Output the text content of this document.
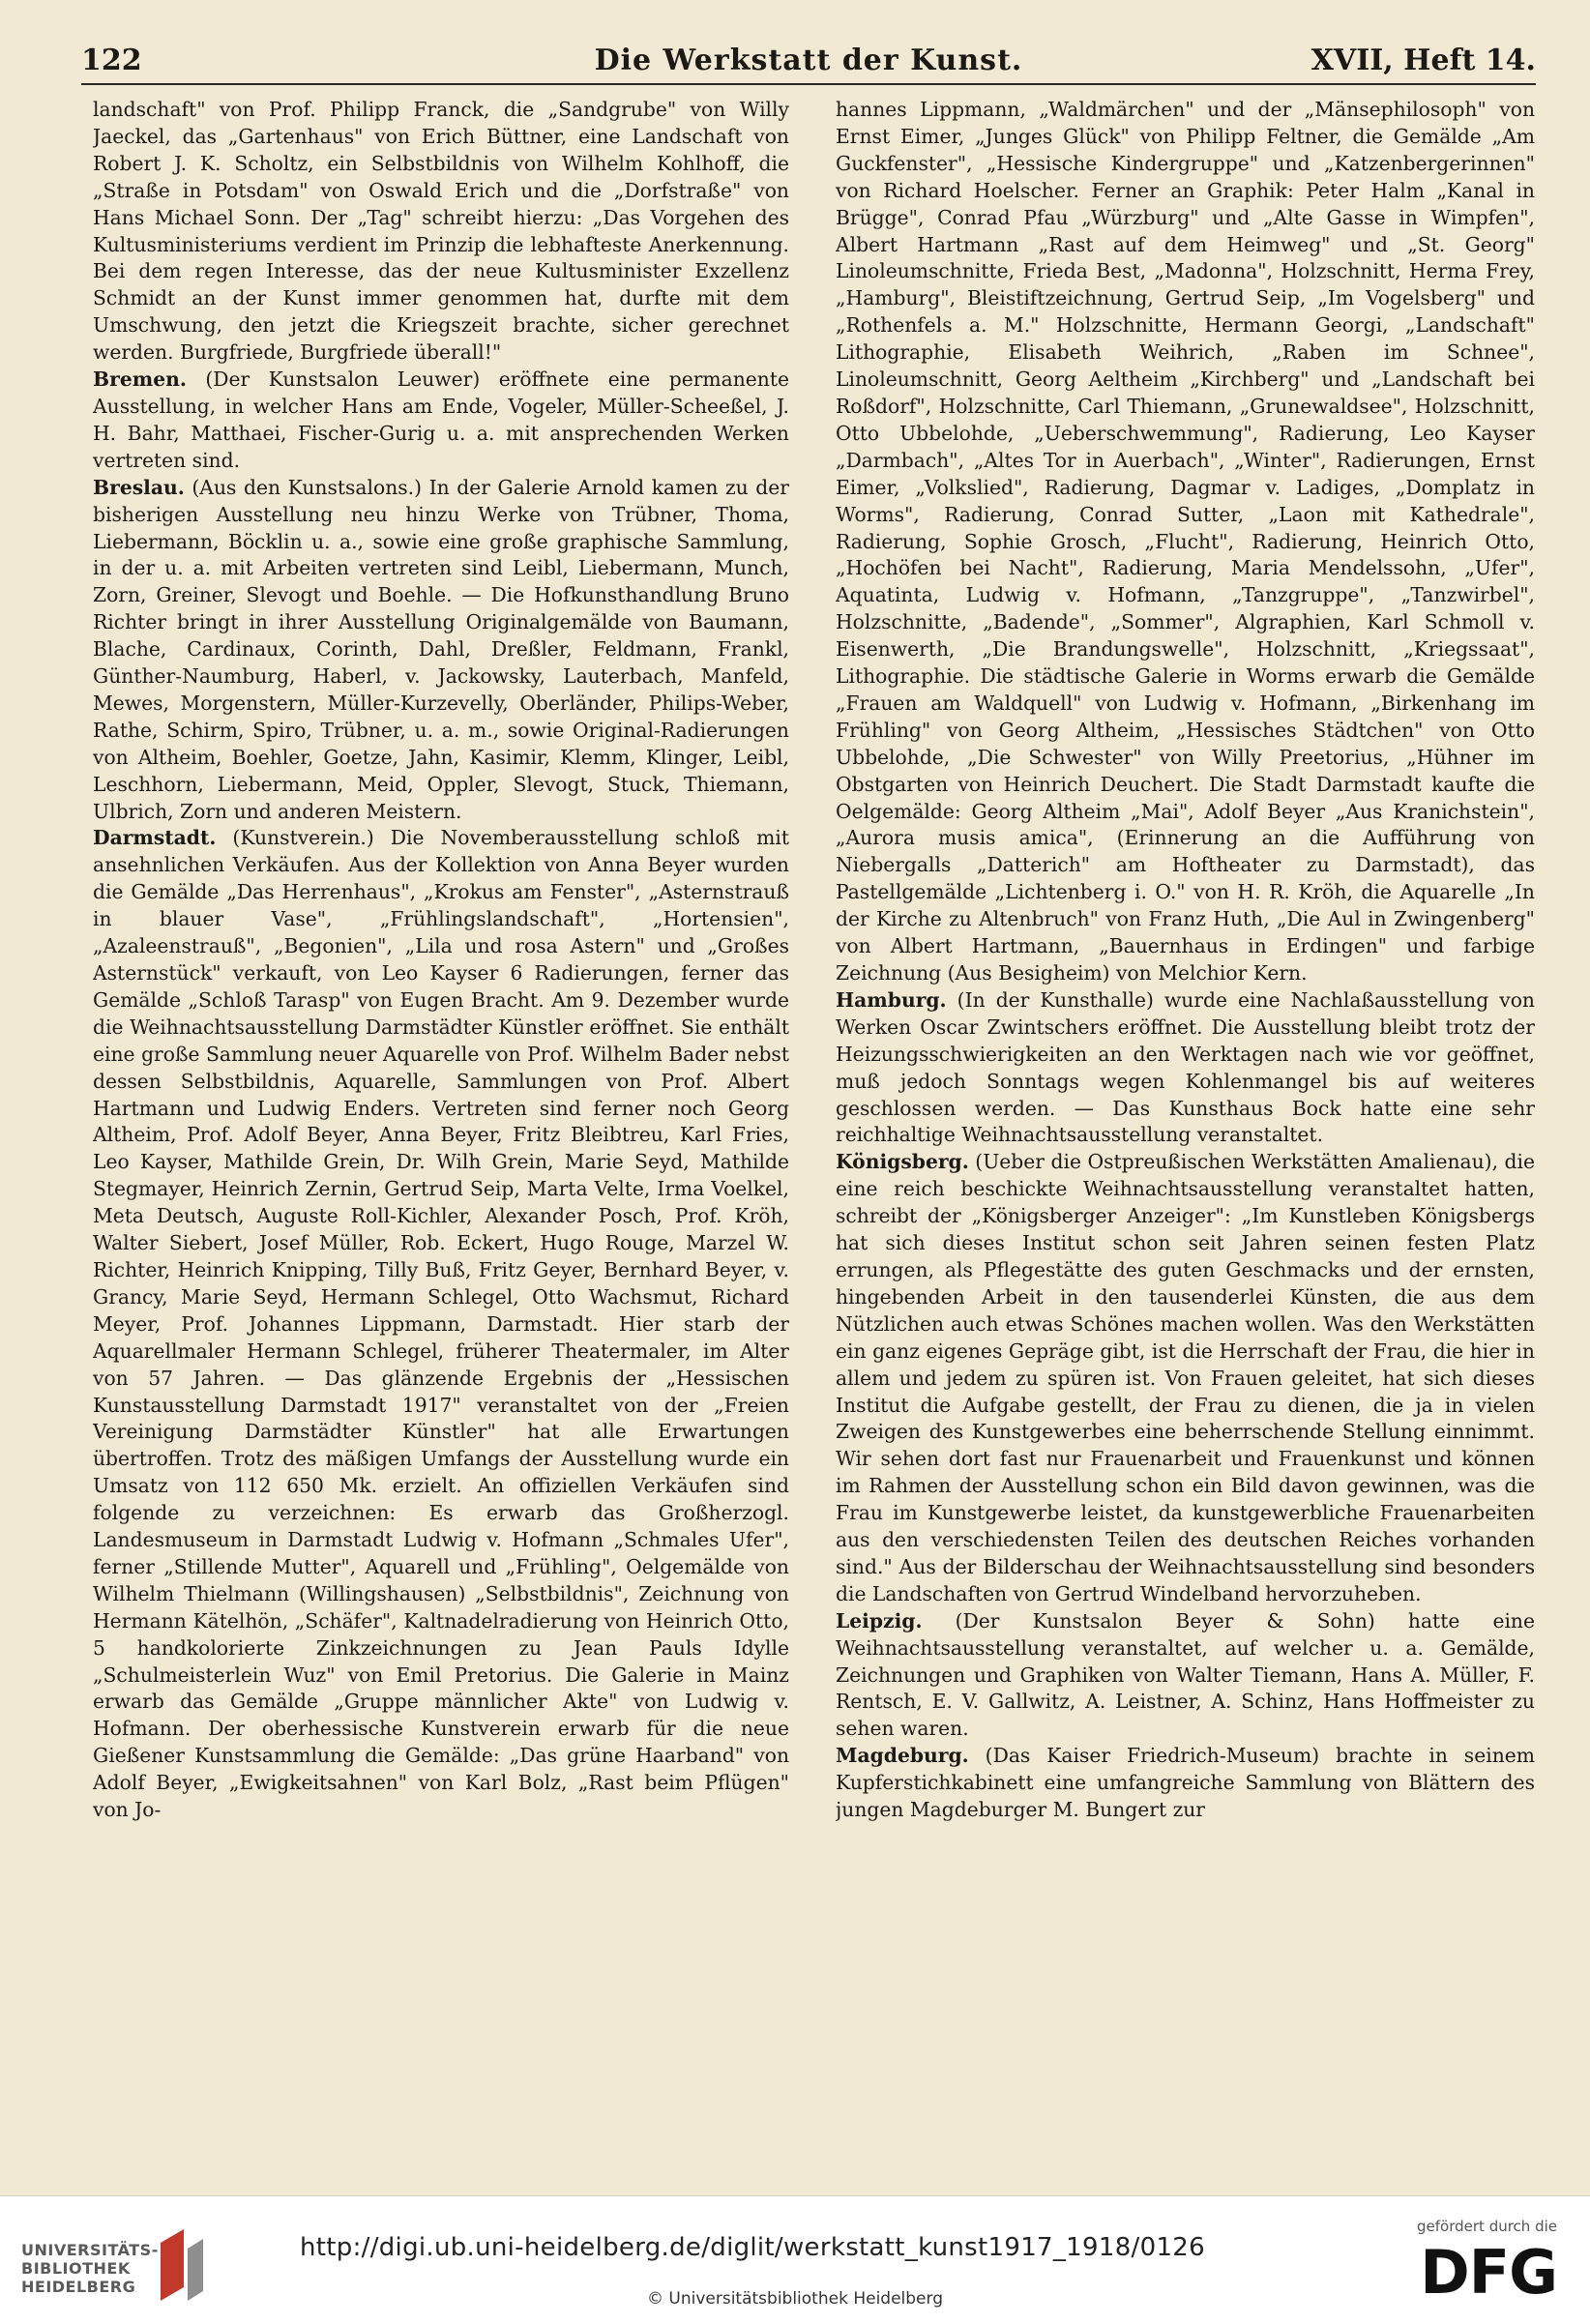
122	Die Werkstatt der Kunst.	XVII, Heft 14.

landschaft" von Prof. Philipp Franck, die „Sandgrube" von Willy Jaeckel, das „Gartenhaus" von Erich Büttner, eine Landschaft von Robert J. K. Scholtz, ein Selbstbildnis von Wilhelm Kohlhoff, die „Straße in Potsdam" von Oswald Erich und die „Dorfstraße" von Hans Michael Sonn. Der „Tag" schreibt hierzu: „Das Vorgehen des Kultusministeriums verdient im Prinzip die lebhafteste Anerkennung. Bei dem regen Interesse, das der neue Kultusminister Exzellenz Schmidt an der Kunst immer genommen hat, durfte mit dem Umschwung, den jetzt die Kriegszeit brachte, sicher gerechnet werden. Burgfriede, Burgfriede überall!"

Bremen. (Der Kunstsalon Leuwer) eröffnete eine permanente Ausstellung, in welcher Hans am Ende, Vogeler, Müller-Scheeßel, J. H. Bahr, Matthaei, Fischer-Gurig u. a. mit ansprechenden Werken vertreten sind.

Breslau. (Aus den Kunstsalons.) In der Galerie Arnold kamen zu der bisherigen Ausstellung neu hinzu Werke von Trübner, Thoma, Liebermann, Böcklin u. a., sowie eine große graphische Sammlung, in der u. a. mit Arbeiten vertreten sind Leibl, Liebermann, Munch, Zorn, Greiner, Slevogt und Boehle. — Die Hofkunsthandlung Bruno Richter bringt in ihrer Ausstellung Originalgemälde von Baumann, Blache, Cardinaux, Corinth, Dahl, Dreßler, Feldmann, Frankl, Günther-Naumburg, Haberl, v. Jackowsky, Lauterbach, Manfeld, Mewes, Morgenstern, Müller-Kurzevelly, Oberländer, Philips-Weber, Rathe, Schirm, Spiro, Trübner, u. a. m., sowie Original-Radierungen von Altheim, Boehler, Goetze, Jahn, Kasimir, Klemm, Klinger, Leibl, Leschhorn, Liebermann, Meid, Oppler, Slevogt, Stuck, Thiemann, Ulbrich, Zorn und anderen Meistern.

Darmstadt. (Kunstverein.) Die Novemberausstellung schloß mit ansehnlichen Verkäufen. Aus der Kollektion von Anna Beyer wurden die Gemälde „Das Herrenhaus", „Krokus am Fenster", „Asternstrauß in blauer Vase", „Frühlingslandschaft", „Hortensien", „Azaleenstrauß", „Begonien", „Lila und rosa Astern" und „Großes Asternstück" verkauft, von Leo Kayser 6 Radierungen, ferner das Gemälde „Schloß Tarasp" von Eugen Bracht. Am 9. Dezember wurde die Weihnachtsausstellung Darmstädter Künstler eröffnet. Sie enthält eine große Sammlung neuer Aquarelle von Prof. Wilhelm Bader nebst dessen Selbstbildnis, Aquarelle, Sammlungen von Prof. Albert Hartmann und Ludwig Enders. Vertreten sind ferner noch Georg Altheim, Prof. Adolf Beyer, Anna Beyer, Fritz Bleibtreu, Karl Fries, Leo Kayser, Mathilde Grein, Dr. Wilh Grein, Marie Seyd, Mathilde Stegmayer, Heinrich Zernin, Gertrud Seip, Marta Velte, Irma Voelkel, Meta Deutsch, Auguste Roll-Kichler, Alexander Posch, Prof. Kröh, Walter Siebert, Josef Müller, Rob. Eckert, Hugo Rouge, Marzel W. Richter, Heinrich Knipping, Tilly Buß, Fritz Geyer, Bernhard Beyer, v. Grancy, Marie Seyd, Hermann Schlegel, Otto Wachsmut, Richard Meyer, Prof. Johannes Lippmann, Darmstadt. Hier starb der Aquarellmaler Hermann Schlegel, früherer Theatermaler, im Alter von 57 Jahren. — Das glänzende Ergebnis der „Hessischen Kunstausstellung Darmstadt 1917" veranstaltet von der „Freien Vereinigung Darmstädter Künstler" hat alle Erwartungen übertroffen. Trotz des mäßigen Umfangs der Ausstellung wurde ein Umsatz von 112 650 Mk. erzielt. An offiziellen Verkäufen sind folgende zu verzeichnen: Es erwarb das Großherzogl. Landesmuseum in Darmstadt Ludwig v. Hofmann „Schmales Ufer", ferner „Stillende Mutter", Aquarell und „Frühling", Oelgemälde von Wilhelm Thielmann (Willingshausen) „Selbstbildnis", Zeichnung von Hermann Kätelhön, „Schäfer", Kaltnadelradierung von Heinrich Otto, 5 handkolorierte Zinkzeichnungen zu Jean Pauls Idylle „Schulmeisterlein Wuz" von Emil Pretorius. Die Galerie in Mainz erwarb das Gemälde „Gruppe männlicher Akte" von Ludwig v. Hofmann. Der oberhessische Kunstverein erwarb für die neue Gießener Kunstsammlung die Gemälde: „Das grüne Haarband" von Adolf Beyer, „Ewigkeitsahnen" von Karl Bolz, „Rast beim Pflügen" von Jo-

hannes Lippmann, „Waldmärchen" und der „Mänsephilosoph" von Ernst Eimer, „Junges Glück" von Philipp Feltner, die Gemälde „Am Guckfenster", „Hessische Kindergruppe" und „Katzenbergerinnen" von Richard Hoelscher. Ferner an Graphik: Peter Halm „Kanal in Brügge", Conrad Pfau „Würzburg" und „Alte Gasse in Wimpfen", Albert Hartmann „Rast auf dem Heimweg" und „St. Georg" Linoleumschnitte, Frieda Best, „Madonna", Holzschnitt, Herma Frey, „Hamburg", Bleistiftzeichnung, Gertrud Seip, „Im Vogelsberg" und „Rothenfels a. M." Holzschnitte, Hermann Georgi, „Landschaft" Lithographie, Elisabeth Weihrich, „Raben im Schnee", Linoleumschnitt, Georg Aeltheim „Kirchberg" und „Landschaft bei Roßdorf", Holzschnitte, Carl Thiemann, „Grunewaldsee", Holzschnitt, Otto Ubbelohde, „Ueberschwemmung", Radierung, Leo Kayser „Darmbach", „Altes Tor in Auerbach", „Winter", Radierungen, Ernst Eimer, „Volkslied", Radierung, Dagmar v. Ladiges, „Domplatz in Worms", Radierung, Conrad Sutter, „Laon mit Kathedrale", Radierung, Sophie Grosch, „Flucht", Radierung, Heinrich Otto, „Hochöfen bei Nacht", Radierung, Maria Mendelssohn, „Ufer", Aquatinta, Ludwig v. Hofmann, „Tanzgruppe", „Tanzwirbel", Holzschnitte, „Badende", „Sommer", Algraphien, Karl Schmoll v. Eisenwerth, „Die Brandungswelle", Holzschnitt, „Kriegssaat", Lithographie. Die städtische Galerie in Worms erwarb die Gemälde „Frauen am Waldquell" von Ludwig v. Hofmann, „Birkenhang im Frühling" von Georg Altheim, „Hessisches Städtchen" von Otto Ubbelohde, „Die Schwester" von Willy Preetorius, „Hühner im Obstgarten von Heinrich Deuchert. Die Stadt Darmstadt kaufte die Oelgemälde: Georg Altheim „Mai", Adolf Beyer „Aus Kranichstein", „Aurora musis amica", (Erinnerung an die Aufführung von Niebergalls „Datterich" am Hoftheater zu Darmstadt), das Pastellgemälde „Lichtenberg i. O." von H. R. Kröh, die Aquarelle „In der Kirche zu Altenbruch" von Franz Huth, „Die Aul in Zwingenberg" von Albert Hartmann, „Bauernhaus in Erdingen" und farbige Zeichnung (Aus Besigheim) von Melchior Kern.

Hamburg. (In der Kunsthalle) wurde eine Nachlaßausstellung von Werken Oscar Zwintschers eröffnet. Die Ausstellung bleibt trotz der Heizungsschwierigkeiten an den Werktagen nach wie vor geöffnet, muß jedoch Sonntags wegen Kohlenmangel bis auf weiteres geschlossen werden. — Das Kunsthaus Bock hatte eine sehr reichhaltige Weihnachtsausstellung veranstaltet.

Königsberg. (Ueber die Ostpreußischen Werkstätten Amalienau), die eine reich beschickte Weihnachtsausstellung veranstaltet hatten, schreibt der „Königsberger Anzeiger": „Im Kunstleben Königsbergs hat sich dieses Institut schon seit Jahren seinen festen Platz errungen, als Pflegestätte des guten Geschmacks und der ernsten, hingebenden Arbeit in den tausenderlei Künsten, die aus dem Nützlichen auch etwas Schönes machen wollen. Was den Werkstätten ein ganz eigenes Gepräge gibt, ist die Herrschaft der Frau, die hier in allem und jedem zu spüren ist. Von Frauen geleitet, hat sich dieses Institut die Aufgabe gestellt, der Frau zu dienen, die ja in vielen Zweigen des Kunstgewerbes eine beherrschende Stellung einnimmt. Wir sehen dort fast nur Frauenarbeit und Frauenkunst und können im Rahmen der Ausstellung schon ein Bild davon gewinnen, was die Frau im Kunstgewerbe leistet, da kunstgewerbliche Frauenarbeiten aus den verschiedensten Teilen des deutschen Reiches vorhanden sind." Aus der Bilderschau der Weihnachtsausstellung sind besonders die Landschaften von Gertrud Windelband hervorzuheben.

Leipzig. (Der Kunstsalon Beyer & Sohn) hatte eine Weihnachtsausstellung veranstaltet, auf welcher u. a. Gemälde, Zeichnungen und Graphiken von Walter Tiemann, Hans A. Müller, F. Rentsch, E. V. Gallwitz, A. Leistner, A. Schinz, Hans Hoffmeister zu sehen waren.

Magdeburg. (Das Kaiser Friedrich-Museum) brachte in seinem Kupferstichkabinett eine umfangreiche Sammlung von Blättern des jungen Magdeburger M. Bungert zur

UNIVERSITÄTS-
BIBLIOTHEK
HEIDELBERG
http://digi.ub.uni-heidelberg.de/diglit/werkstatt_kunst1917_1918/0126
© Universitätsbibliothek Heidelberg
gefördert durch die
DFG
